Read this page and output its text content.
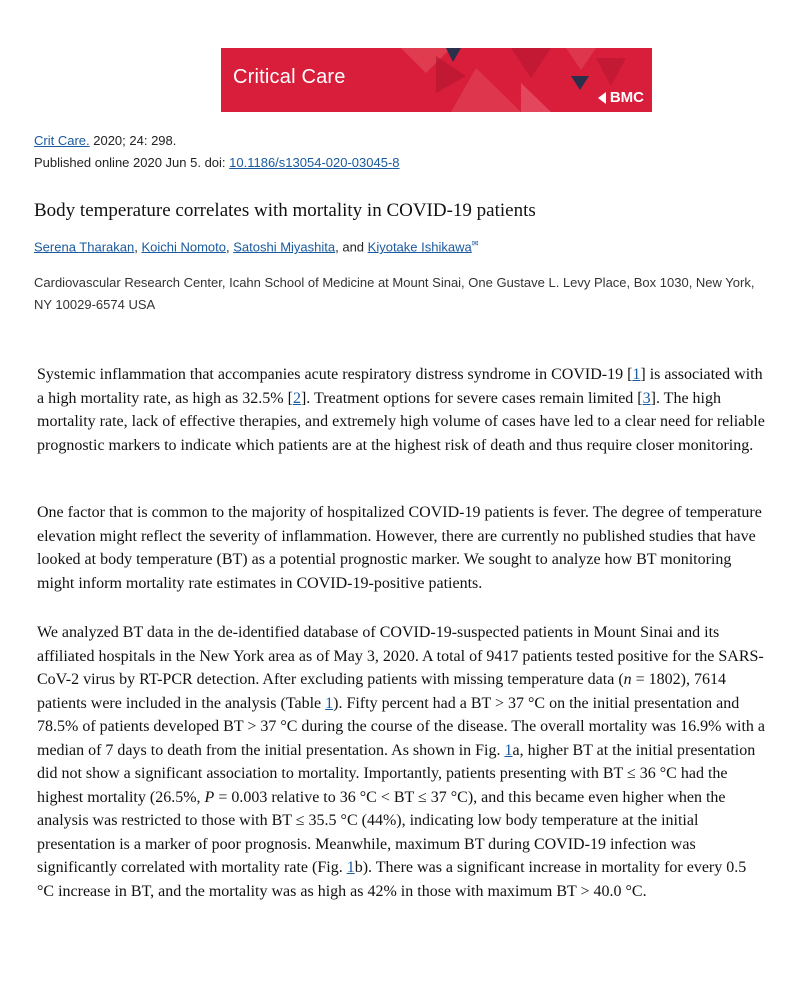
Critical Care
BMC
Crit Care. 2020; 24: 298.
Published online 2020 Jun 5. doi: 10.1186/s13054-020-03045-8
Body temperature correlates with mortality in COVID-19 patients
Serena Tharakan, Koichi Nomoto, Satoshi Miyashita, and Kiyotake Ishikawa✉

Cardiovascular Research Center, Icahn School of Medicine at Mount Sinai, One Gustave L. Levy Place, Box 1030, New York, NY 10029-6574 USA

Systemic inflammation that accompanies acute respiratory distress syndrome in COVID-19 [1] is associated with a high mortality rate, as high as 32.5% [2]. Treatment options for severe cases remain limited [3]. The high mortality rate, lack of effective therapies, and extremely high volume of cases have led to a clear need for reliable prognostic markers to indicate which patients are at the highest risk of death and thus require closer monitoring.

One factor that is common to the majority of hospitalized COVID-19 patients is fever. The degree of temperature elevation might reflect the severity of inflammation. However, there are currently no published studies that have looked at body temperature (BT) as a potential prognostic marker. We sought to analyze how BT monitoring might inform mortality rate estimates in COVID-19-positive patients.

We analyzed BT data in the de-identified database of COVID-19-suspected patients in Mount Sinai and its affiliated hospitals in the New York area as of May 3, 2020. A total of 9417 patients tested positive for the SARS-CoV-2 virus by RT-PCR detection. After excluding patients with missing temperature data (n = 1802), 7614 patients were included in the analysis (Table 1). Fifty percent had a BT > 37 °C on the initial presentation and 78.5% of patients developed BT > 37 °C during the course of the disease. The overall mortality was 16.9% with a median of 7 days to death from the initial presentation. As shown in Fig. 1a, higher BT at the initial presentation did not show a significant association to mortality. Importantly, patients presenting with BT ≤ 36 °C had the highest mortality (26.5%, P = 0.003 relative to 36 °C < BT ≤ 37 °C), and this became even higher when the analysis was restricted to those with BT ≤ 35.5 °C (44%), indicating low body temperature at the initial presentation is a marker of poor prognosis. Meanwhile, maximum BT during COVID-19 infection was significantly correlated with mortality rate (Fig. 1b). There was a significant increase in mortality for every 0.5 °C increase in BT, and the mortality was as high as 42% in those with maximum BT > 40.0 °C.
